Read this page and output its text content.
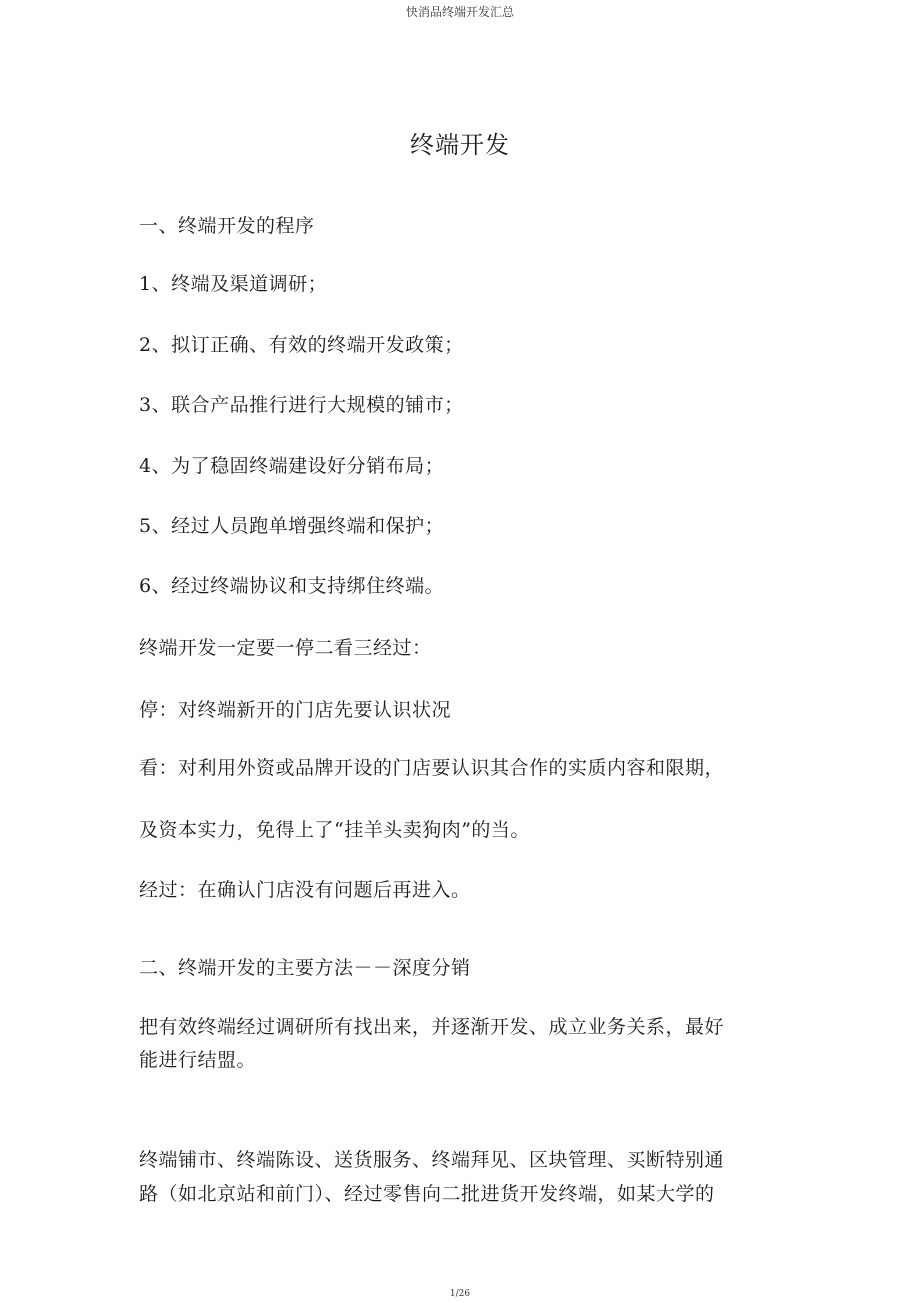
快消品终端开发汇总
终端开发
一、终端开发的程序
1、终端及渠道调研；
2、拟订正确、有效的终端开发政策；
3、联合产品推行进行大规模的铺市；
4、为了稳固终端建设好分销布局；
5、经过人员跑单增强终端和保护；
6、经过终端协议和支持绑住终端。
终端开发一定要一停二看三经过：
停：对终端新开的门店先要认识状况
看：对利用外资或品牌开设的门店要认识其合作的实质内容和限期，
及资本实力，免得上了“挂羊头卖狗肉”的当。
经过：在确认门店没有问题后再进入。
二、终端开发的主要方法－－深度分销
把有效终端经过调研所有找出来，并逐渐开发、成立业务关系，最好
能进行结盟。
终端铺市、终端陈设、送货服务、终端拜见、区块管理、买断特别通
路（如北京站和前门）、经过零售向二批进货开发终端，如某大学的
1/26
